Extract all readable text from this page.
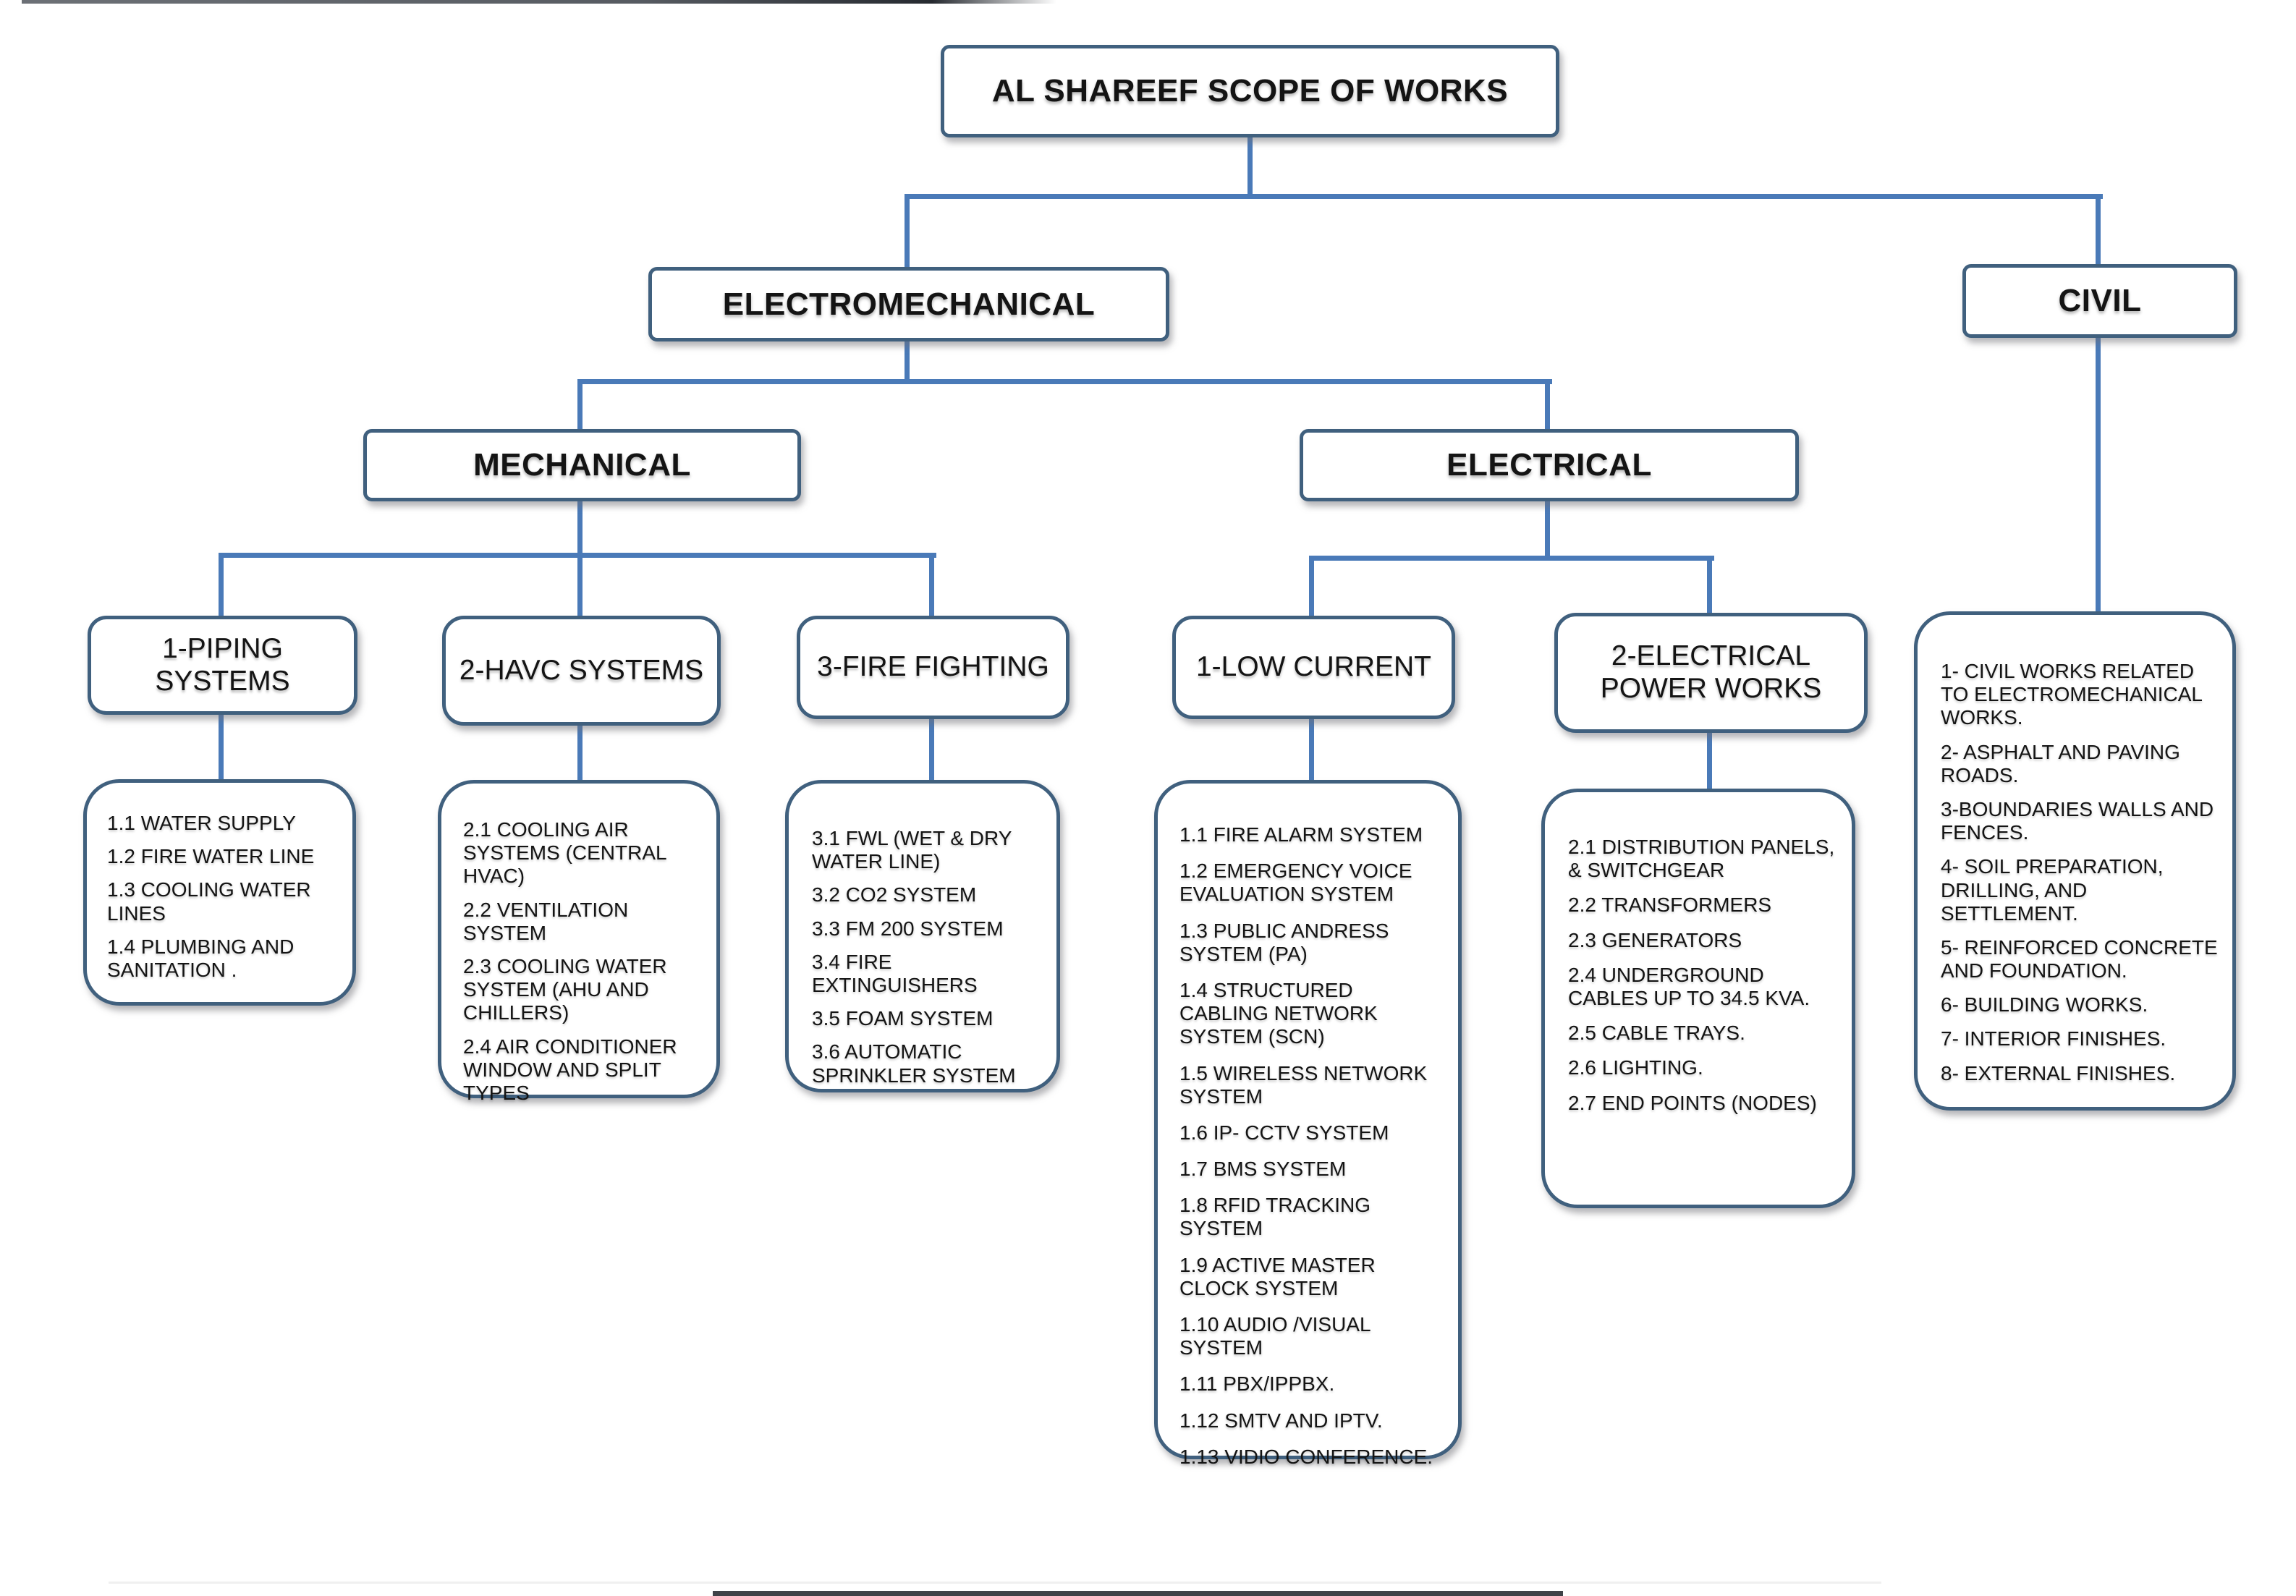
AL SHAREEF SCOPE OF WORKS
ELECTROMECHANICAL	CIVIL
MECHANICAL	ELECTRICAL
1-PIPING SYSTEMS	2-HAVC SYSTEMS	3-FIRE FIGHTING	1-LOW CURRENT	2-ELECTRICAL POWER WORKS
1.1 WATER SUPPLY
1.2 FIRE WATER LINE
1.3 COOLING WATER LINES
1.4 PLUMBING AND SANITATION .
2.1 COOLING AIR SYSTEMS (CENTRAL HVAC)
2.2 VENTILATION SYSTEM
2.3 COOLING WATER SYSTEM (AHU AND CHILLERS)
2.4 AIR CONDITIONER WINDOW AND SPLIT TYPES
3.1 FWL (WET & DRY WATER LINE)
3.2 CO2 SYSTEM
3.3 FM 200 SYSTEM
3.4 FIRE EXTINGUISHERS
3.5 FOAM SYSTEM
3.6 AUTOMATIC SPRINKLER SYSTEM
1.1 FIRE ALARM SYSTEM
1.2 EMERGENCY VOICE EVALUATION SYSTEM
1.3 PUBLIC ANDRESS SYSTEM (PA)
1.4 STRUCTURED CABLING NETWORK SYSTEM (SCN)
1.5 WIRELESS NETWORK SYSTEM
1.6 IP- CCTV SYSTEM
1.7 BMS SYSTEM
1.8 RFID TRACKING SYSTEM
1.9 ACTIVE MASTER CLOCK SYSTEM
1.10 AUDIO /VISUAL SYSTEM
1.11 PBX/IPPBX.
1.12 SMTV AND IPTV.
1.13 VIDIO CONFERENCE.
2.1 DISTRIBUTION PANELS, & SWITCHGEAR
2.2 TRANSFORMERS
2.3 GENERATORS
2.4 UNDERGROUND CABLES UP TO 34.5 KVA.
2.5 CABLE TRAYS.
2.6 LIGHTING.
2.7 END POINTS (NODES)
1- CIVIL WORKS RELATED TO ELECTROMECHANICAL WORKS.
2- ASPHALT AND PAVING ROADS.
3-BOUNDARIES WALLS AND FENCES.
4- SOIL PREPARATION, DRILLING, AND SETTLEMENT.
5- REINFORCED CONCRETE AND FOUNDATION.
6- BUILDING WORKS.
7- INTERIOR FINISHES.
8- EXTERNAL FINISHES.
